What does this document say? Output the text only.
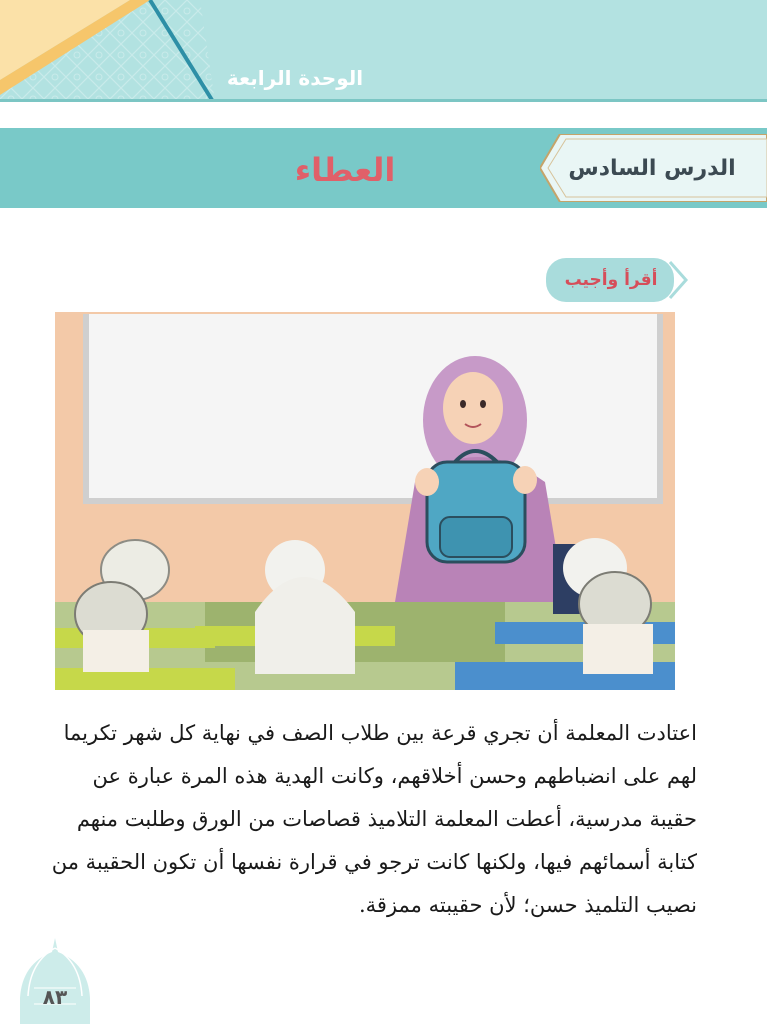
الوحدة الرابعة
الدرس السادس
العطاء
أقرأ وأجيب
اعتادت المعلمة أن تجري قرعة بين طلاب الصف في نهاية كل شهر تكريما
لهم على انضباطهم وحسن أخلاقهم، وكانت الهدية هذه المرة عبارة عن
حقيبة مدرسية، أعطت المعلمة التلاميذ قصاصات من الورق وطلبت منهم
كتابة أسمائهم فيها، ولكنها كانت ترجو في قرارة نفسها أن تكون الحقيبة من
نصيب التلميذ حسن؛ لأن حقيبته ممزقة.
٨٣
